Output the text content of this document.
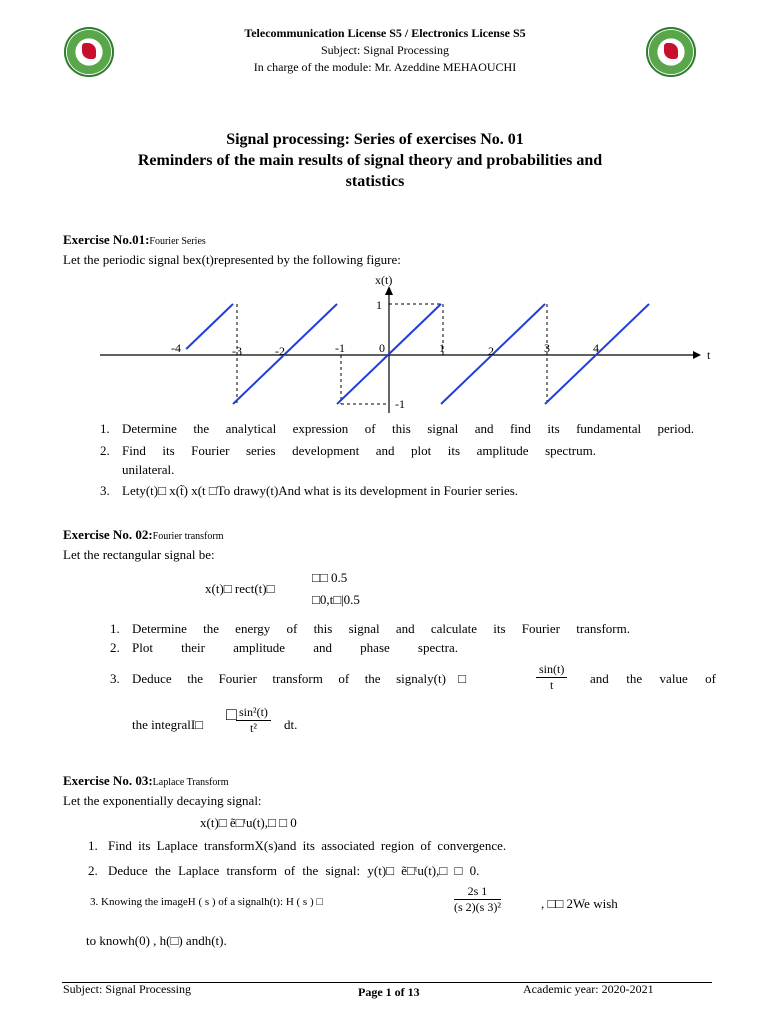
Telecommunication License S5 / Electronics License S5
Subject: Signal Processing
In charge of the module: Mr. Azeddine MEHAOUCHI
Signal processing: Series of exercises No. 01
Reminders of the main results of signal theory and probabilities and
statistics
Exercise No.01:Fourier Series
Let the periodic signal bex(t)represented by the following figure:
x(t)
t
1
-1
-4	-3	-2	-1	0	1	2	3	4
1. Determine the analytical expression of this signal and find its fundamental period.
2. Find its Fourier series development and plot its amplitude spectrum.
unilateral.
3. Lety(t)□ x(t̃) x(t □To drawy(t)And what is its development in Fourier series.
Exercise No. 02:Fourier transform
Let the rectangular signal be:
x(t)□ rect(t)□
□□ 0.5
□0,t□|0.5
1. Determine the energy of this signal and calculate its Fourier transform.
2. Plot their amplitude and phase spectra.
3. Deduce the Fourier transform of the signaly(t)□	$\frac{\sin(t)}{t}$ and the value of
the integralI□
□ $\frac{\text{sin²(t)}}{\text{t²}}$ dt.
Exercise No. 03:Laplace Transform
Let the exponentially decaying signal:
x(t)□ ẽ□ᵗu(t),□ □ 0
1. Find its Laplace transformX(s)and its associated region of convergence.
2. Deduce the Laplace transform of the signal: y(t)□ ẽ□ᵗu(t),□ □ 0.
3. Knowing the imageH ( s ) of a signalh(t): H ( s ) □	$\frac{2s 1}{\text{(s 2)(s 3)²}}$	, □□ 2We wish
to knowh(0) , h(□) andh(t).
Subject: Signal Processing	Page 1 of 13	Academic year: 2020-2021
